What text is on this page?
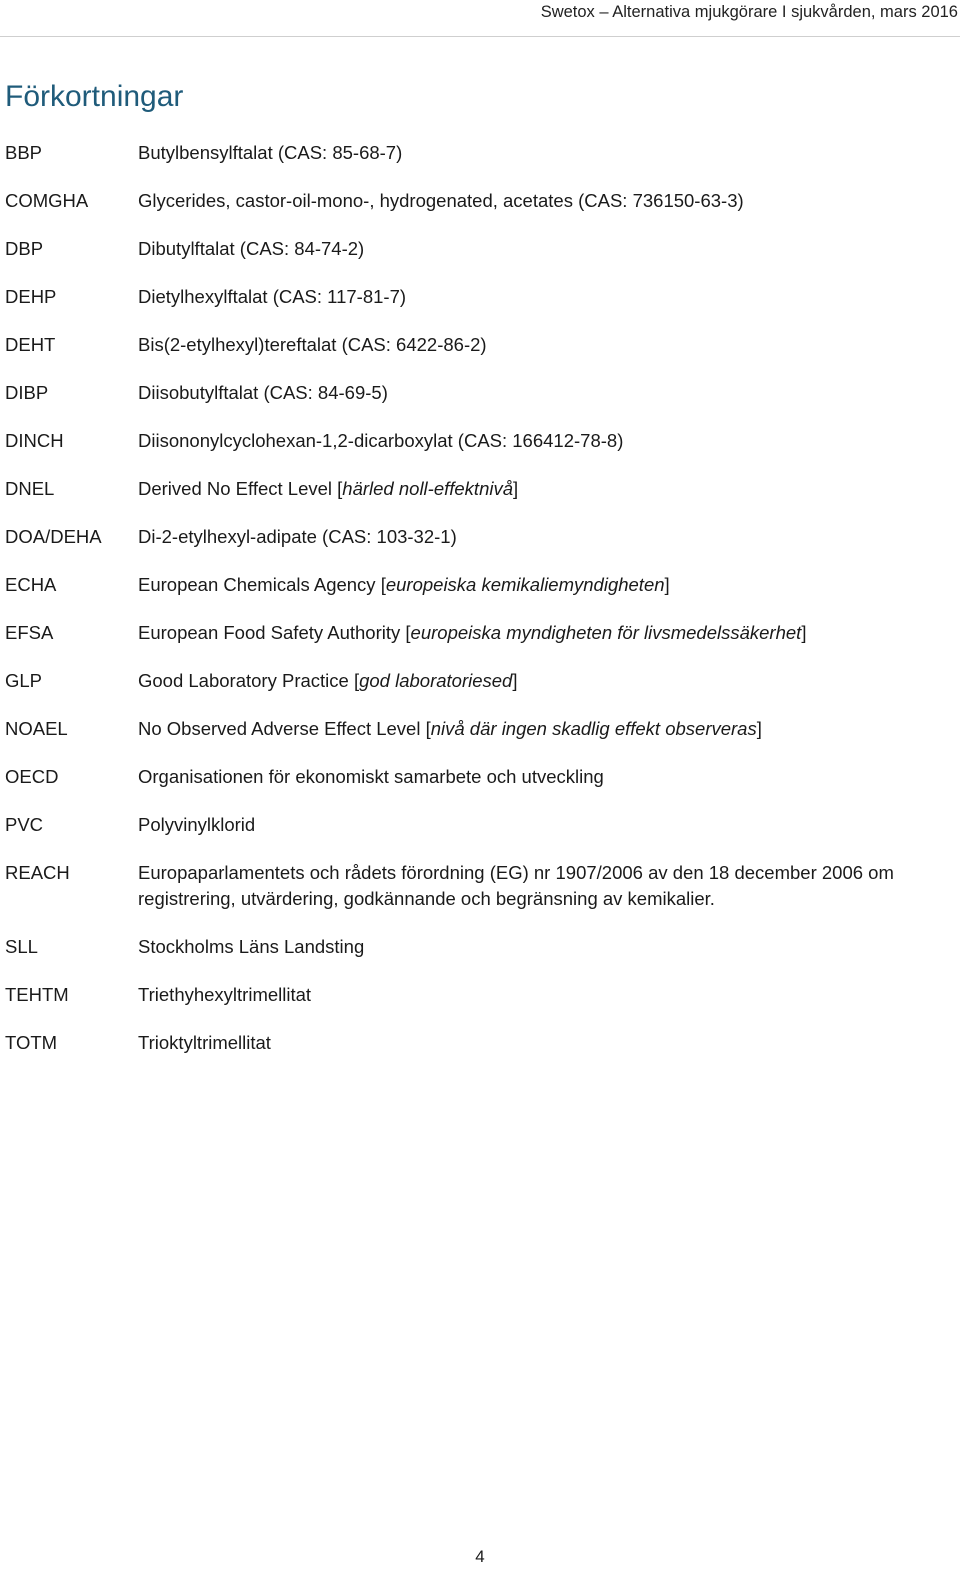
Swetox – Alternativa mjukgörare I sjukvården, mars 2016
Förkortningar
BBP	Butylbensylftalat (CAS: 85-68-7)
COMGHA	Glycerides, castor-oil-mono-, hydrogenated, acetates (CAS: 736150-63-3)
DBP	Dibutylftalat (CAS: 84-74-2)
DEHP	Dietylhexylftalat (CAS: 117-81-7)
DEHT	Bis(2-etylhexyl)tereftalat (CAS: 6422-86-2)
DIBP	Diisobutylftalat (CAS: 84-69-5)
DINCH	Diisononylcyclohexan-1,2-dicarboxylat (CAS: 166412-78-8)
DNEL	Derived No Effect Level [härled noll-effektnivå]
DOA/DEHA	Di-2-etylhexyl-adipate (CAS: 103-32-1)
ECHA	European Chemicals Agency [europeiska kemikaliemyndigheten]
EFSA	European Food Safety Authority [europeiska myndigheten för livsmedelssäkerhet]
GLP	Good Laboratory Practice [god laboratoriesed]
NOAEL	No Observed Adverse Effect Level [nivå där ingen skadlig effekt observeras]
OECD	Organisationen för ekonomiskt samarbete och utveckling
PVC	Polyvinylklorid
REACH	Europaparlamentets och rådets förordning (EG) nr 1907/2006 av den 18 december 2006 om registrering, utvärdering, godkännande och begränsning av kemikalier.
SLL	Stockholms Läns Landsting
TEHTM	Triethyhexyltrimellitat
TOTM	Trioktyltrimellitat
4
